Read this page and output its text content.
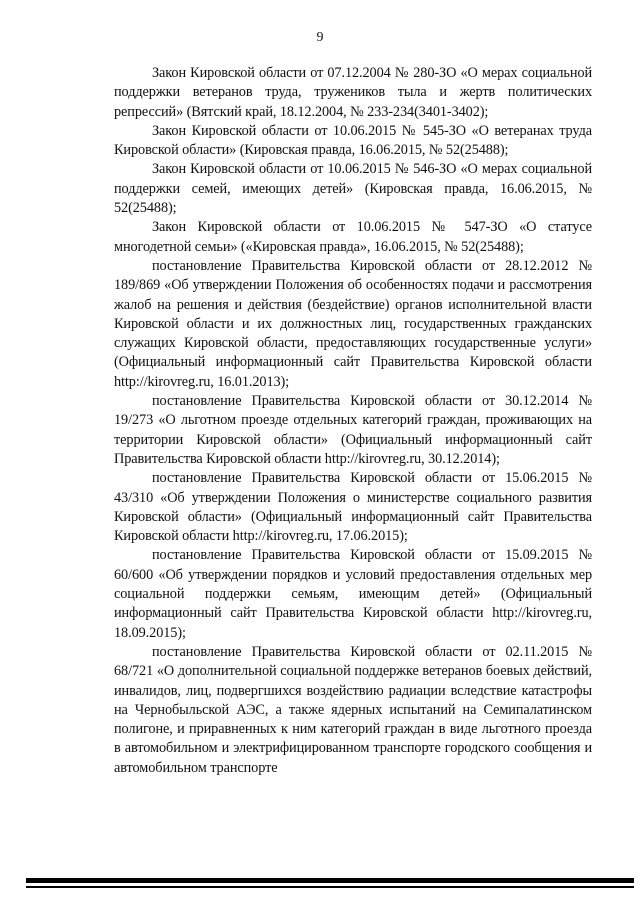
9

Закон Кировской области от 07.12.2004 № 280-ЗО «О мерах социальной поддержки ветеранов труда, тружеников тыла и жертв политических репрессий» (Вятский край, 18.12.2004, № 233-234(3401-3402);

Закон Кировской области от 10.06.2015 № 545-ЗО «О ветеранах труда Кировской области» (Кировская правда, 16.06.2015, № 52(25488);

Закон Кировской области от 10.06.2015 № 546-ЗО «О мерах социальной поддержки семей, имеющих детей» (Кировская правда, 16.06.2015, № 52(25488);

Закон Кировской области от 10.06.2015 № 547-ЗО «О статусе многодетной семьи» («Кировская правда», 16.06.2015, № 52(25488);

постановление Правительства Кировской области от 28.12.2012 № 189/869 «Об утверждении Положения об особенностях подачи и рассмотрения жалоб на решения и действия (бездействие) органов исполнительной власти Кировской области и их должностных лиц, государственных гражданских служащих Кировской области, предоставляющих государственные услуги» (Официальный информационный сайт Правительства Кировской области http://kirovreg.ru, 16.01.2013);

постановление Правительства Кировской области от 30.12.2014 № 19/273 «О льготном проезде отдельных категорий граждан, проживающих на территории Кировской области» (Официальный информационный сайт Правительства Кировской области http://kirovreg.ru, 30.12.2014);

постановление Правительства Кировской области от 15.06.2015 № 43/310 «Об утверждении Положения о министерстве социального развития Кировской области» (Официальный информационный сайт Правительства Кировской области http://kirovreg.ru, 17.06.2015);

постановление Правительства Кировской области от 15.09.2015 № 60/600 «Об утверждении порядков и условий предоставления отдельных мер социальной поддержки семьям, имеющим детей» (Официальный информационный сайт Правительства Кировской области http://kirovreg.ru, 18.09.2015);

постановление Правительства Кировской области от 02.11.2015 № 68/721 «О дополнительной социальной поддержке ветеранов боевых действий, инвалидов, лиц, подвергшихся воздействию радиации вследствие катастрофы на Чернобыльской АЭС, а также ядерных испытаний на Семипалатинском полигоне, и приравненных к ним категорий граждан в виде льготного проезда в автомобильном и электрифицированном транспорте городского сообщения и автомобильном транспорте
